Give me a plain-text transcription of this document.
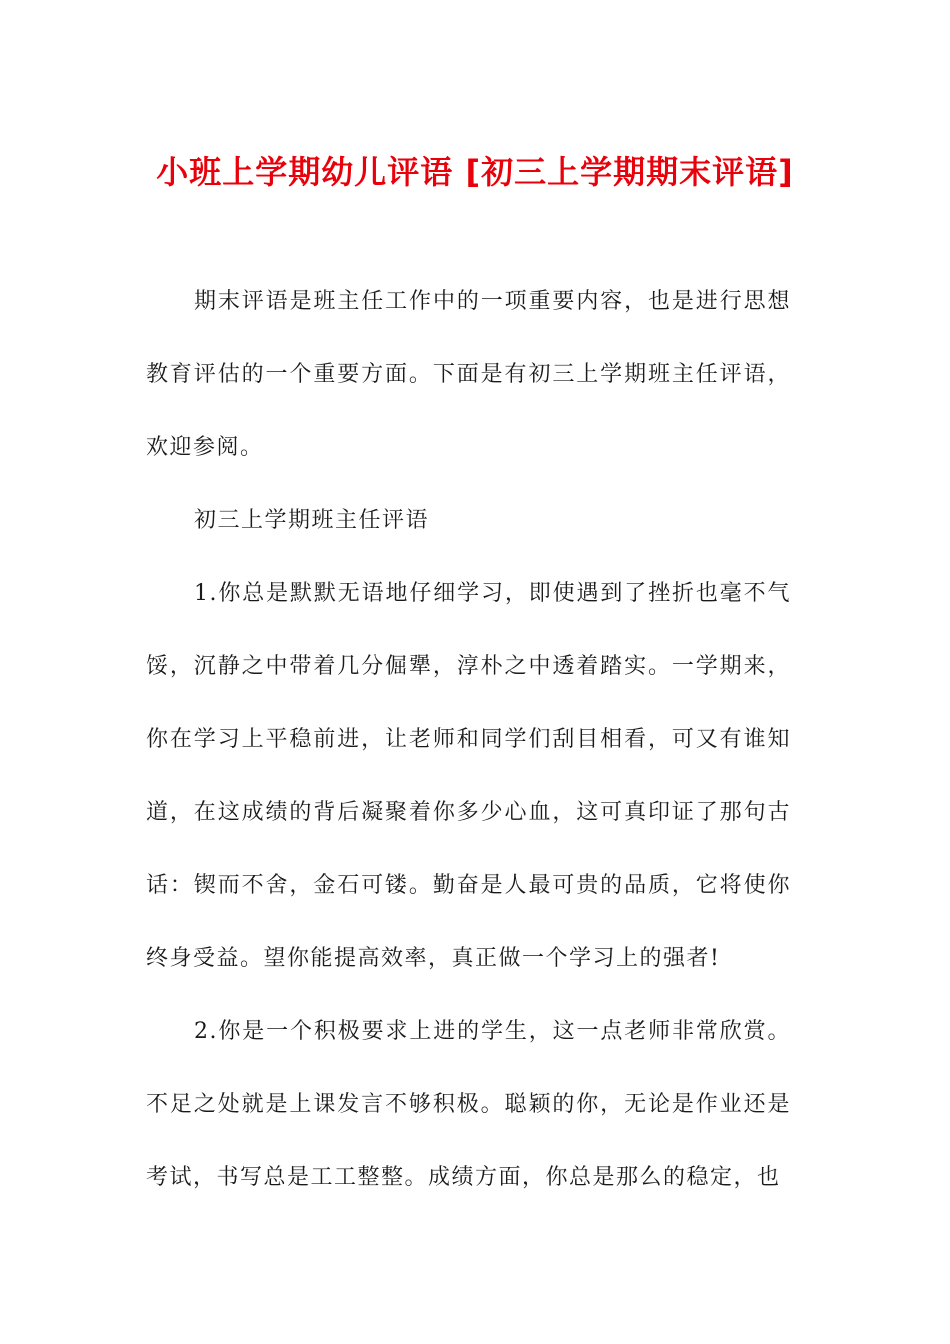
小班上学期幼儿评语 [初三上学期期末评语]

期末评语是班主任工作中的一项重要内容，也是进行思想教育评估的一个重要方面。下面是有初三上学期班主任评语，欢迎参阅。

初三上学期班主任评语

1.你总是默默无语地仔细学习，即使遇到了挫折也毫不气馁，沉静之中带着几分倔犟，淳朴之中透着踏实。一学期来，你在学习上平稳前进，让老师和同学们刮目相看，可又有谁知道，在这成绩的背后凝聚着你多少心血，这可真印证了那句古话：锲而不舍，金石可镂。勤奋是人最可贵的品质，它将使你终身受益。望你能提高效率，真正做一个学习上的强者!

2.你是一个积极要求上进的学生，这一点老师非常欣赏。不足之处就是上课发言不够积极。聪颖的你，无论是作业还是考试，书写总是工工整整。成绩方面，你总是那么的稳定，也
